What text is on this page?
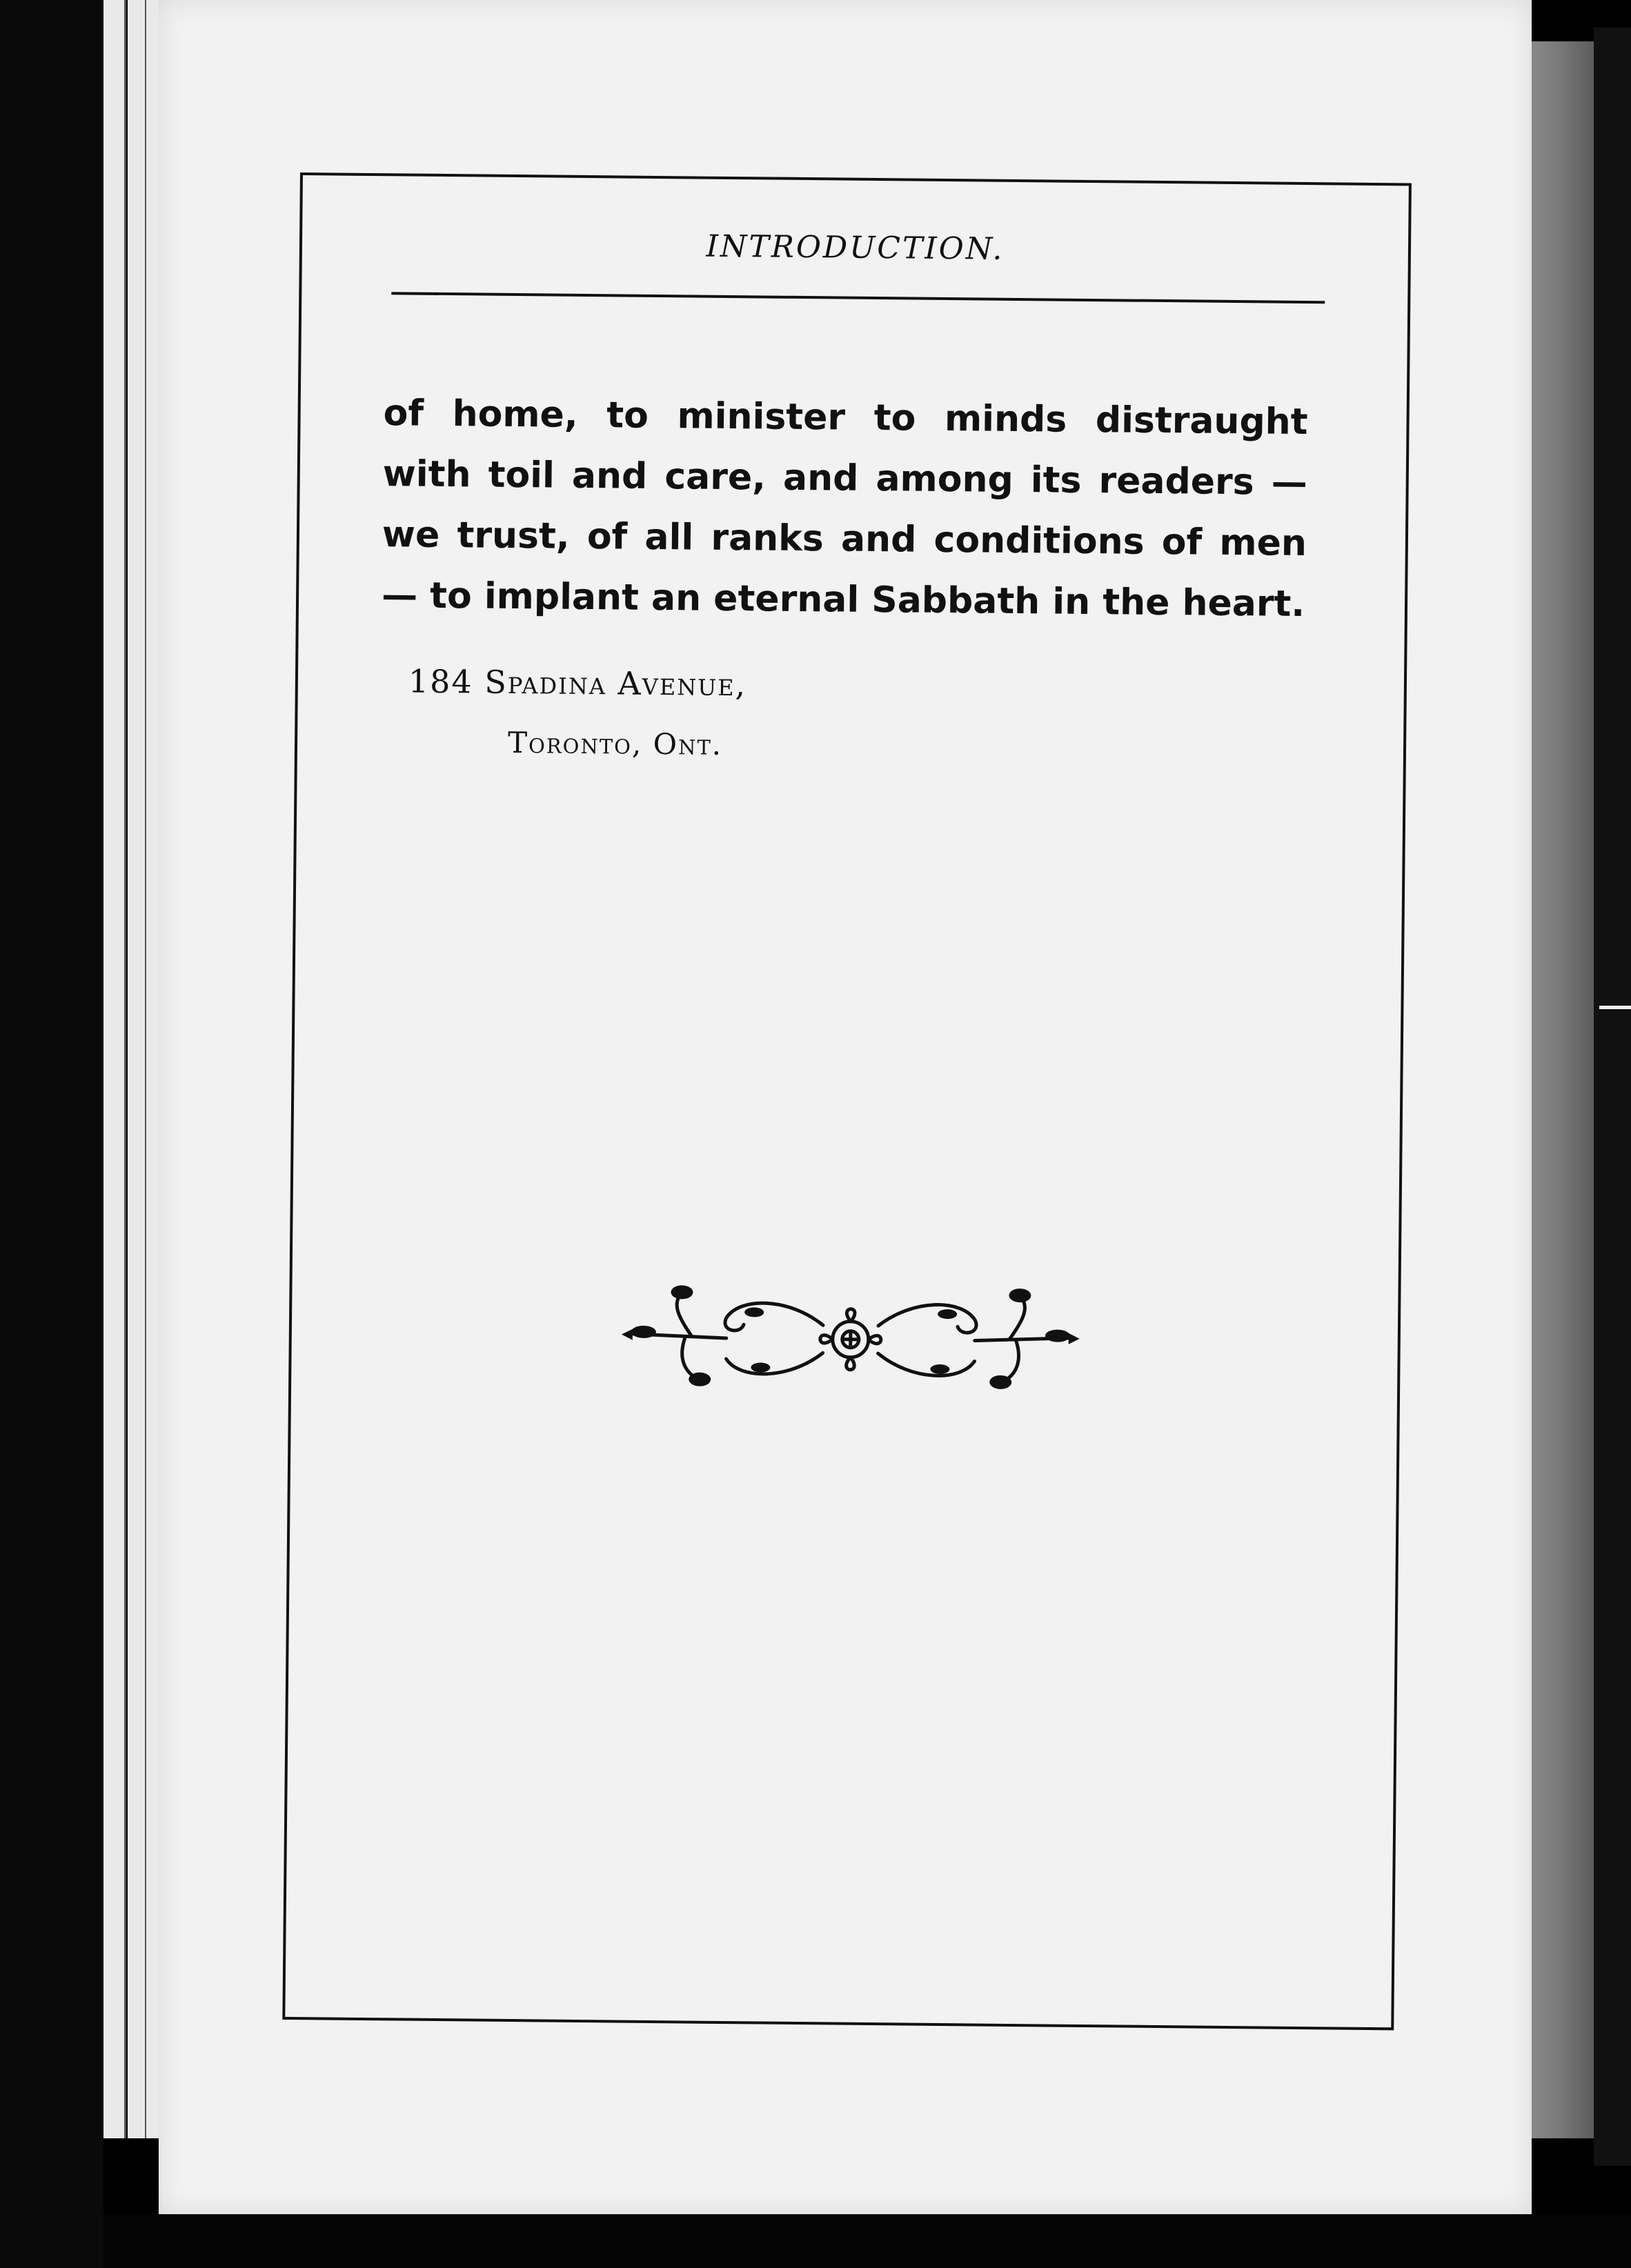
INTRODUCTION.
of home, to minister to minds distraught with toil and care, and among its readers — we trust, of all ranks and conditions of men — to implant an eternal Sabbath in the heart.
184 Spadina Avenue,
Toronto, Ont.
